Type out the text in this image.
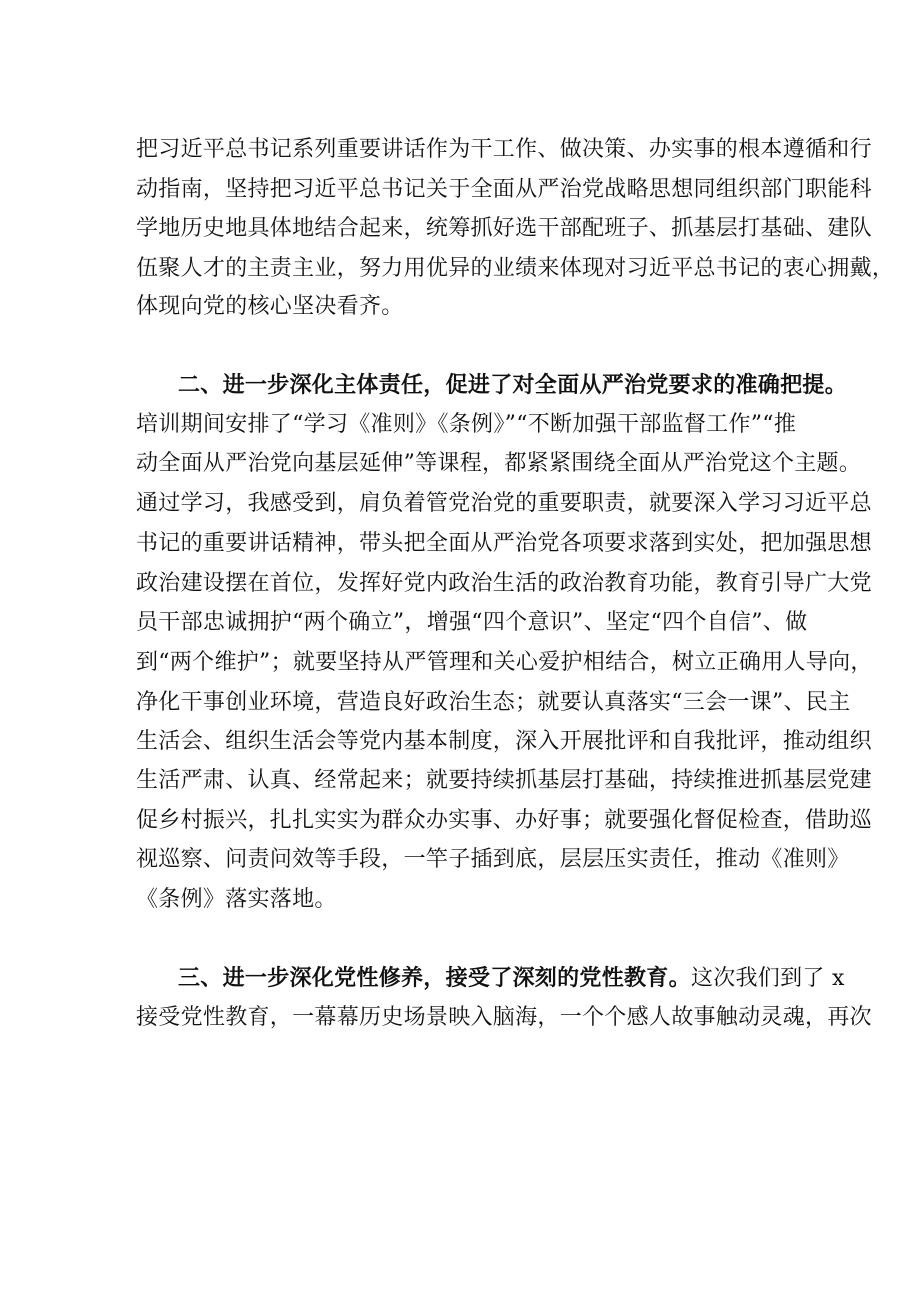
把习近平总书记系列重要讲话作为干工作、做决策、办实事的根本遵循和行
动指南，坚持把习近平总书记关于全面从严治党战略思想同组织部门职能科
学地历史地具体地结合起来，统筹抓好选干部配班子、抓基层打基础、建队
伍聚人才的主责主业，努力用优异的业绩来体现对习近平总书记的衷心拥戴，
体现向党的核心坚决看齐。
二、进一步深化主体责任，促进了对全面从严治党要求的准确把提。
培训期间安排了“学习《准则》《条例》”“不断加强干部监督工作”“推
动全面从严治党向基层延伸”等课程，都紧紧围绕全面从严治党这个主题。
通过学习，我感受到，肩负着管党治党的重要职责，就要深入学习习近平总
书记的重要讲话精神，带头把全面从严治党各项要求落到实处，把加强思想
政治建设摆在首位，发挥好党内政治生活的政治教育功能，教育引导广大党
员干部忠诚拥护“两个确立”，增强“四个意识”、坚定“四个自信”、做
到“两个维护”；就要坚持从严管理和关心爱护相结合，树立正确用人导向，
净化干事创业环境，营造良好政治生态；就要认真落实“三会一课”、民主
生活会、组织生活会等党内基本制度，深入开展批评和自我批评，推动组织
生活严肃、认真、经常起来；就要持续抓基层打基础，持续推进抓基层党建
促乡村振兴，扎扎实实为群众办实事、办好事；就要强化督促检查，借助巡
视巡察、问责问效等手段，一竿子插到底，层层压实责任，推动《准则》
《条例》落实落地。
三、进一步深化党性修养，接受了深刻的党性教育。这次我们到了 x
接受党性教育，一幕幕历史场景映入脑海，一个个感人故事触动灵魂，再次
